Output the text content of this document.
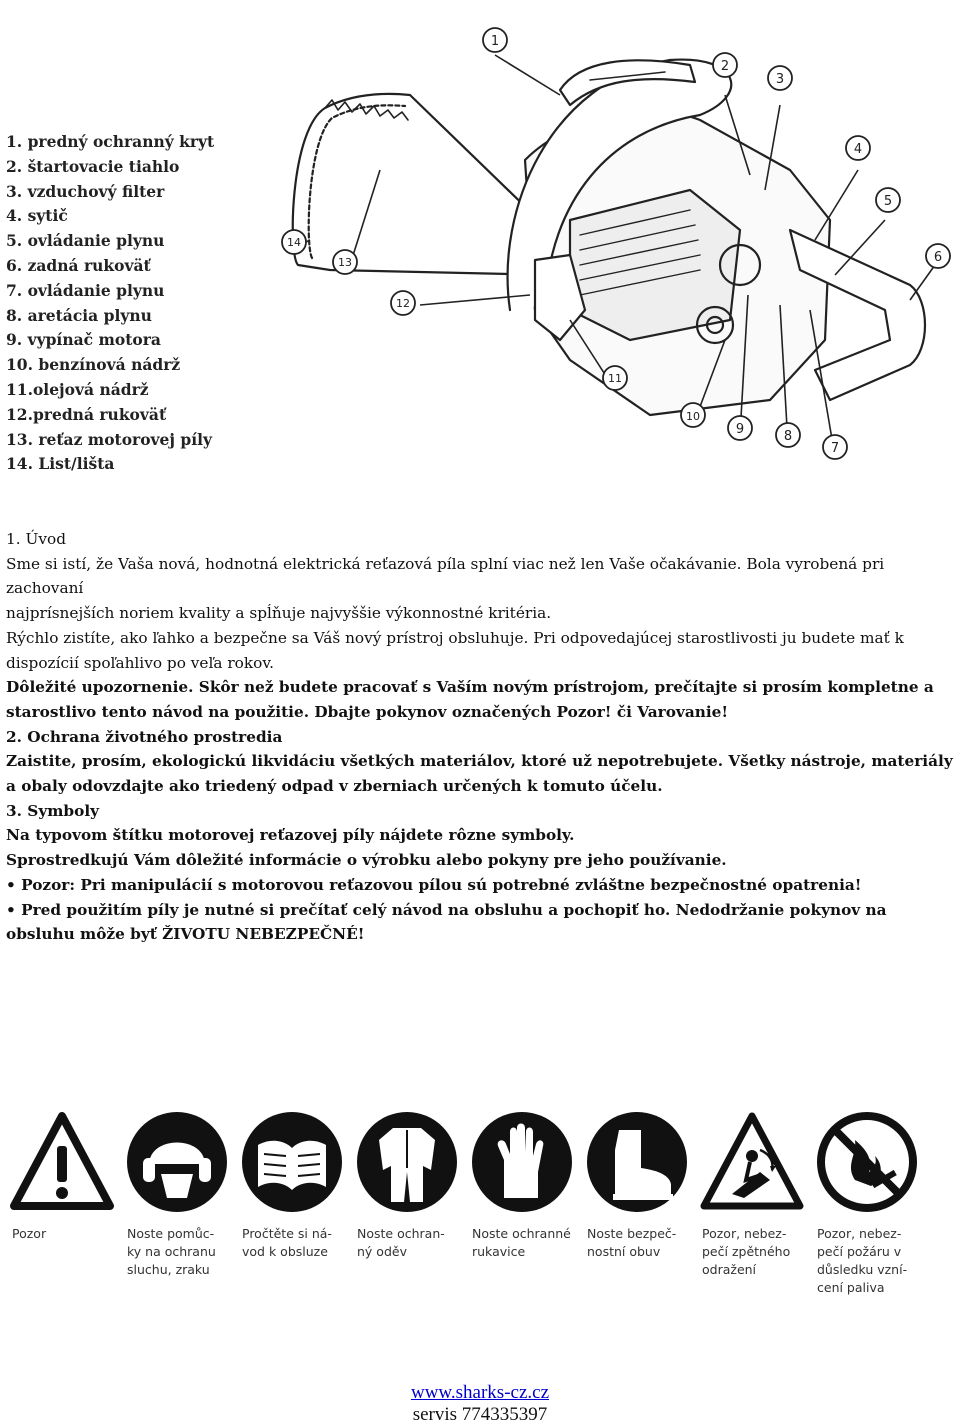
1. predný ochranný kryt
2. štartovacie tiahlo
3. vzduchový filter
4. sytič
5. ovládanie plynu
6. zadná rukoväť
7. ovládanie plynu
8. aretácia plynu
9. vypínač motora
10. benzínová nádrž
11.olejová nádrž
12.predná rukoväť
13. reťaz motorovej píly
14. List/lišta
1
2
3
4
5
6
7
8
9
10
11
12
13
14

1. Úvod

Sme si istí, že Vaša nová, hodnotná elektrická reťazová píla splní viac než len Vaše očakávanie. Bola vyrobená pri zachovaní

najprísnejších noriem kvality a spĺňuje najvyššie výkonnostné kritéria.

Rýchlo zistíte, ako ľahko a bezpečne sa Váš nový prístroj obsluhuje. Pri odpovedajúcej starostlivosti ju budete mať k dispozícií spoľahlivo po veľa rokov.

Dôležité upozornenie. Skôr než budete pracovať s Vaším novým prístrojom, prečítajte si prosím kompletne a starostlivo tento návod na použitie. Dbajte pokynov označených Pozor! či Varovanie!

2. Ochrana životného prostredia

Zaistite, prosím, ekologickú likvidáciu všetkých materiálov, ktoré už nepotrebujete. Všetky nástroje, materiály a obaly odovzdajte ako triedený odpad v zberniach určených k tomuto účelu.

3. Symboly

Na typovom štítku motorovej reťazovej píly nájdete rôzne symboly.

Sprostredkujú Vám dôležité informácie o výrobku alebo pokyny pre jeho používanie.

• Pozor: Pri manipulácií s motorovou reťazovou pílou sú potrebné zvláštne bezpečnostné opatrenia!

• Pred použitím píly je nutné si prečítať celý návod na obsluhu a pochopiť ho. Nedodržanie pokynov na obsluhu môže byť ŽIVOTU NEBEZPEČNÉ!

Pozor	Noste pomůc-ky na ochranu sluchu, zraku
Pročtěte si ná-vod k obsluze
Noste ochran-ný oděv
Noste ochranné rukavice
Noste bezpeč-nostní obuv
Pozor, nebez-pečí zpětného odražení
Pozor, nebez-pečí požáru v důsledku vzní-cení paliva
www.sharks-cz.cz
servis 774335397
